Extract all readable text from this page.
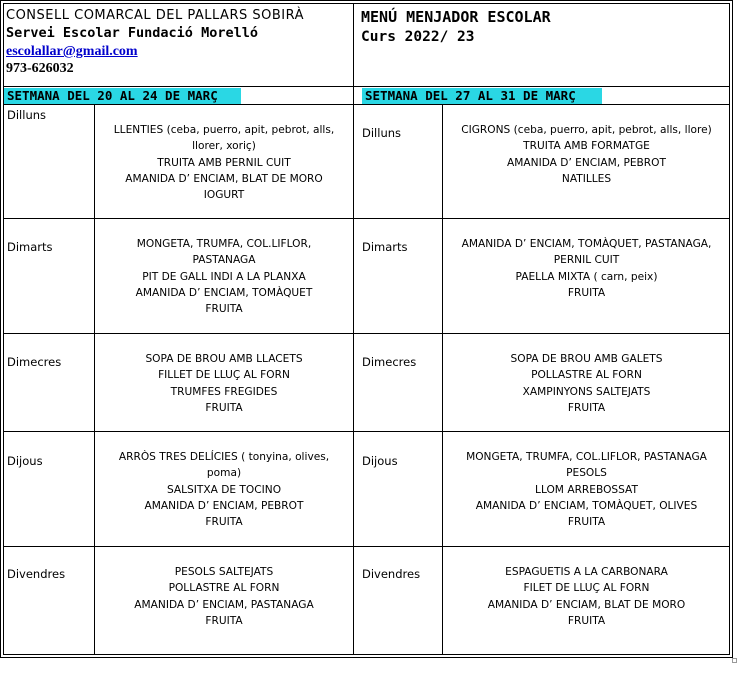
CONSELL COMARCAL DEL PALLARS SOBIRÀ
Servei Escolar Fundació Morelló
escolallar@gmail.com
973-626032
MENÚ MENJADOR ESCOLAR
Curs 2022/ 23
SETMANA DEL 20 AL 24 DE MARÇ	SETMANA DEL 27 AL 31 DE MARÇ
Dilluns
LLENTIES (ceba, puerro, apit, pebrot, alls,
llorer, xoriç)
TRUITA AMB PERNIL CUIT
AMANIDA D’ ENCIAM, BLAT DE MORO
IOGURT
Dimarts	MONGETA, TRUMFA, COL.LIFLOR,
PASTANAGA
PIT DE GALL INDI A LA PLANXA
AMANIDA D’ ENCIAM, TOMÀQUET
FRUITA
Dimecres	SOPA DE BROU AMB LLACETS
FILLET DE LLUÇ AL FORN
TRUMFES FREGIDES
FRUITA
Dijous	ARRÒS TRES DELÍCIES ( tonyina, olives,
poma)
SALSITXA DE TOCINO
AMANIDA D’ ENCIAM, PEBROT
FRUITA
Divendres	PESOLS SALTEJATS
POLLASTRE AL FORN
AMANIDA D’ ENCIAM, PASTANAGA
FRUITA
Dilluns	CIGRONS (ceba, puerro, apit, pebrot, alls, llore)
TRUITA AMB FORMATGE
AMANIDA D’ ENCIAM, PEBROT
NATILLES
Dimarts	AMANIDA D’ ENCIAM, TOMÀQUET, PASTANAGA,
PERNIL CUIT
PAELLA MIXTA ( carn, peix)
FRUITA
Dimecres	SOPA DE BROU AMB GALETS
POLLASTRE AL FORN
XAMPINYONS SALTEJATS
FRUITA
Dijous	MONGETA, TRUMFA, COL.LIFLOR, PASTANAGA
PESOLS
LLOM ARREBOSSAT
AMANIDA D’ ENCIAM, TOMÀQUET, OLIVES
FRUITA
Divendres	ESPAGUETIS A LA CARBONARA
FILET DE LLUÇ AL FORN
AMANIDA D’ ENCIAM, BLAT DE MORO
FRUITA
